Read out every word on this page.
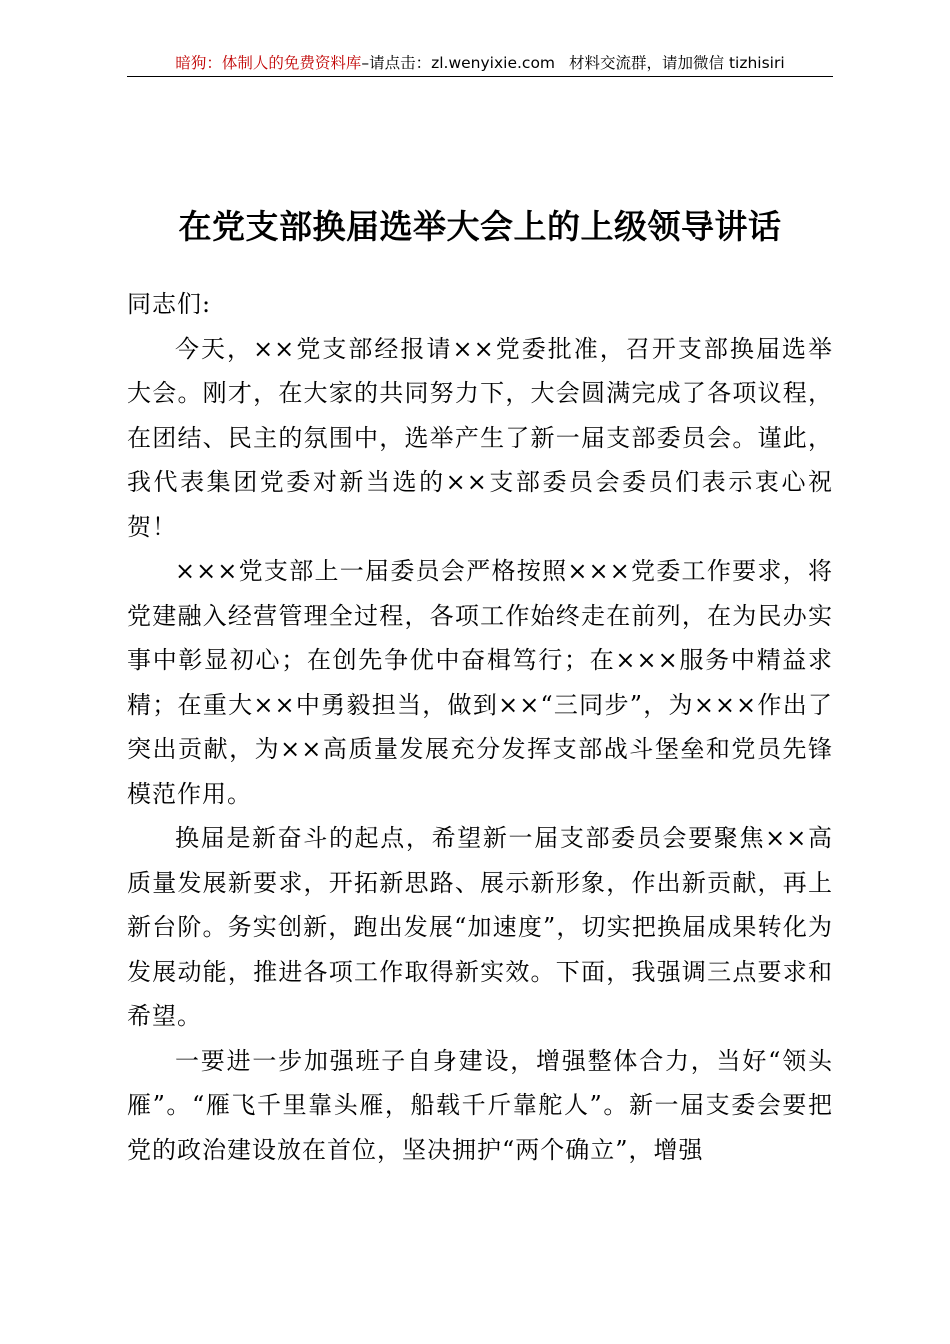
暗狗：体制人的免费资料库–请点击：zl.wenyixie.com 材料交流群，请加微信 tizhisiri
在党支部换届选举大会上的上级领导讲话

同志们:

今天，××党支部经报请××党委批准，召开支部换届选举大会。刚才，在大家的共同努力下，大会圆满完成了各项议程，在团结、民主的氛围中，选举产生了新一届支部委员会。谨此，我代表集团党委对新当选的××支部委员会委员们表示衷心祝贺！

×××党支部上一届委员会严格按照×××党委工作要求，将党建融入经营管理全过程，各项工作始终走在前列，在为民办实事中彰显初心；在创先争优中奋楫笃行；在×××服务中精益求精；在重大××中勇毅担当，做到××“三同步”，为×××作出了突出贡献，为××高质量发展充分发挥支部战斗堡垒和党员先锋模范作用。

换届是新奋斗的起点，希望新一届支部委员会要聚焦××高质量发展新要求，开拓新思路、展示新形象，作出新贡献，再上新台阶。务实创新，跑出发展“加速度”，切实把换届成果转化为发展动能，推进各项工作取得新实效。下面，我强调三点要求和希望。

一要进一步加强班子自身建设，增强整体合力，当好“领头雁”。“雁飞千里靠头雁，船载千斤靠舵人”。新一届支委会要把党的政治建设放在首位，坚决拥护“两个确立”，增强
